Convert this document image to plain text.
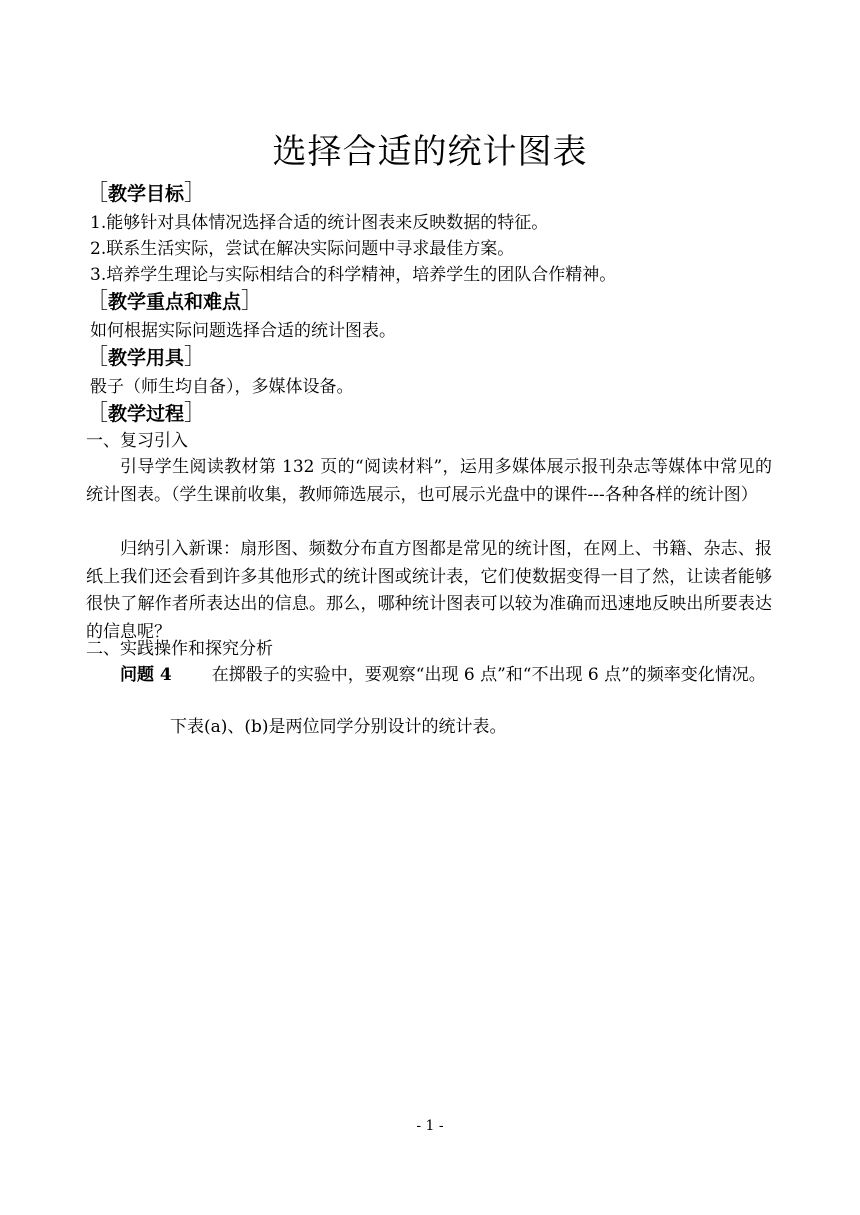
选择合适的统计图表
［教学目标］
1.能够针对具体情况选择合适的统计图表来反映数据的特征。
2.联系生活实际，尝试在解决实际问题中寻求最佳方案。
3.培养学生理论与实际相结合的科学精神，培养学生的团队合作精神。
［教学重点和难点］
如何根据实际问题选择合适的统计图表。
［教学用具］
骰子（师生均自备），多媒体设备。
［教学过程］
一、复习引入
引导学生阅读教材第 132 页的“阅读材料”，运用多媒体展示报刊杂志等媒体中常见的统计图表。（学生课前收集，教师筛选展示，也可展示光盘中的课件---各种各样的统计图）
归纳引入新课：扇形图、频数分布直方图都是常见的统计图，在网上、书籍、杂志、报纸上我们还会看到许多其他形式的统计图或统计表，它们使数据变得一目了然，让读者能够很快了解作者所表达出的信息。那么，哪种统计图表可以较为准确而迅速地反映出所要表达的信息呢？
二、实践操作和探究分析
问题 4 在掷骰子的实验中，要观察“出现 6 点”和“不出现 6 点”的频率变化情况。
下表(a)、(b)是两位同学分别设计的统计表。
- 1 -
